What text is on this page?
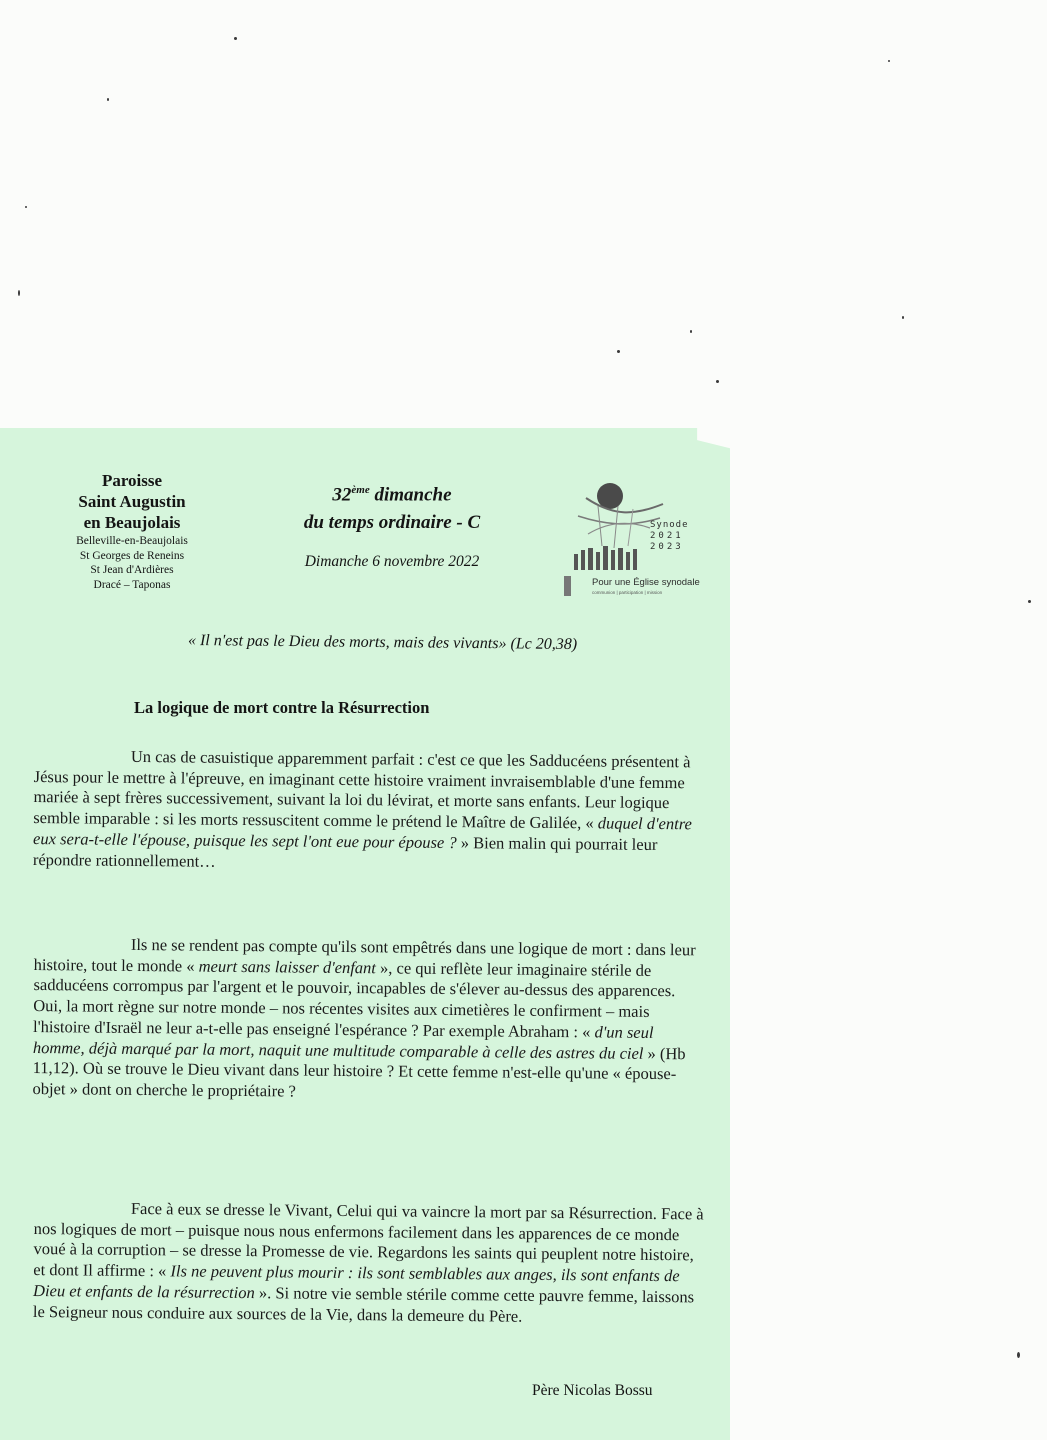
Paroisse
Saint Augustin
en Beaujolais
Belleville-en-Beaujolais
St Georges de Reneins
St Jean d'Ardières
Dracé – Taponas
32ème dimanche
du temps ordinaire - C
Dimanche 6 novembre 2022
Synode
2021
2023
Pour une Église synodale
communion | participation | mission
« Il n'est pas le Dieu des morts, mais des vivants» (Lc 20,38)
La logique de mort contre la Résurrection
Un cas de casuistique apparemment parfait : c'est ce que les Sadducéens présentent à Jésus pour le mettre à l'épreuve, en imaginant cette histoire vraiment invraisemblable d'une femme mariée à sept frères successivement, suivant la loi du lévirat, et morte sans enfants. Leur logique semble imparable : si les morts ressuscitent comme le prétend le Maître de Galilée, « duquel d'entre eux sera-t-elle l'épouse, puisque les sept l'ont eue pour épouse ? » Bien malin qui pourrait leur répondre rationnellement…
Ils ne se rendent pas compte qu'ils sont empêtrés dans une logique de mort : dans leur histoire, tout le monde « meurt sans laisser d'enfant », ce qui reflète leur imaginaire stérile de sadducéens corrompus par l'argent et le pouvoir, incapables de s'élever au-dessus des apparences. Oui, la mort règne sur notre monde – nos récentes visites aux cimetières le confirment – mais l'histoire d'Israël ne leur a-t-elle pas enseigné l'espérance ? Par exemple Abraham : « d'un seul homme, déjà marqué par la mort, naquit une multitude comparable à celle des astres du ciel » (Hb 11,12). Où se trouve le Dieu vivant dans leur histoire ? Et cette femme n'est-elle qu'une « épouse-objet » dont on cherche le propriétaire ?
Face à eux se dresse le Vivant, Celui qui va vaincre la mort par sa Résurrection. Face à nos logiques de mort – puisque nous nous enfermons facilement dans les apparences de ce monde voué à la corruption – se dresse la Promesse de vie. Regardons les saints qui peuplent notre histoire, et dont Il affirme : « Ils ne peuvent plus mourir : ils sont semblables aux anges, ils sont enfants de Dieu et enfants de la résurrection ». Si notre vie semble stérile comme cette pauvre femme, laissons le Seigneur nous conduire aux sources de la Vie, dans la demeure du Père.
Père Nicolas Bossu
